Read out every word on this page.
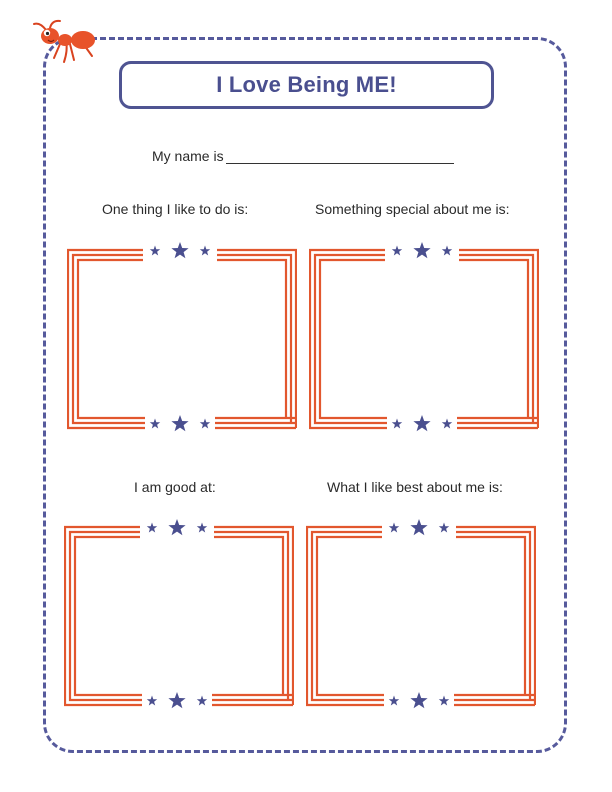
I Love Being ME!
My name is
One thing I like to do is:	Something special about me is:
I am good at:	What I like best about me is:
